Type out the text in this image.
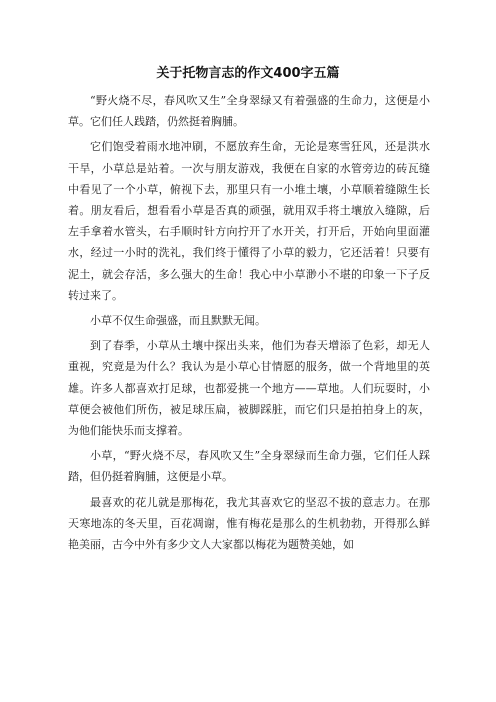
关于托物言志的作文400字五篇

“野火烧不尽，春风吹又生”全身翠绿又有着强盛的生命力，这便是小草。它们任人践踏，仍然挺着胸脯。

它们饱受着雨水地冲刷，不愿放弃生命，无论是寒雪狂风，还是洪水干旱，小草总是站着。一次与朋友游戏，我便在自家的水管旁边的砖瓦缝中看见了一个小草，俯视下去，那里只有一小堆土壤，小草顺着缝隙生长着。朋友看后，想看看小草是否真的顽强，就用双手将土壤放入缝隙，后左手拿着水管头，右手顺时针方向拧开了水开关，打开后，开始向里面灌水，经过一小时的洗礼，我们终于懂得了小草的毅力，它还活着！只要有泥土，就会存活，多么强大的生命！我心中小草渺小不堪的印象一下子反转过来了。

小草不仅生命强盛，而且默默无闻。

到了春季，小草从土壤中探出头来，他们为春天增添了色彩，却无人重视，究竟是为什么？我认为是小草心甘情愿的服务，做一个背地里的英雄。许多人都喜欢打足球，也都爱挑一个地方——草地。人们玩耍时，小草便会被他们所伤，被足球压扁，被脚踩脏，而它们只是拍拍身上的灰，为他们能快乐而支撑着。

小草，“野火烧不尽，春风吹又生”全身翠绿而生命力强，它们任人踩踏，但仍挺着胸脯，这便是小草。

最喜欢的花儿就是那梅花，我尤其喜欢它的坚忍不拔的意志力。在那天寒地冻的冬天里，百花凋谢，惟有梅花是那么的生机勃勃，开得那么鲜艳美丽，古今中外有多少文人大家都以梅花为题赞美她，如
